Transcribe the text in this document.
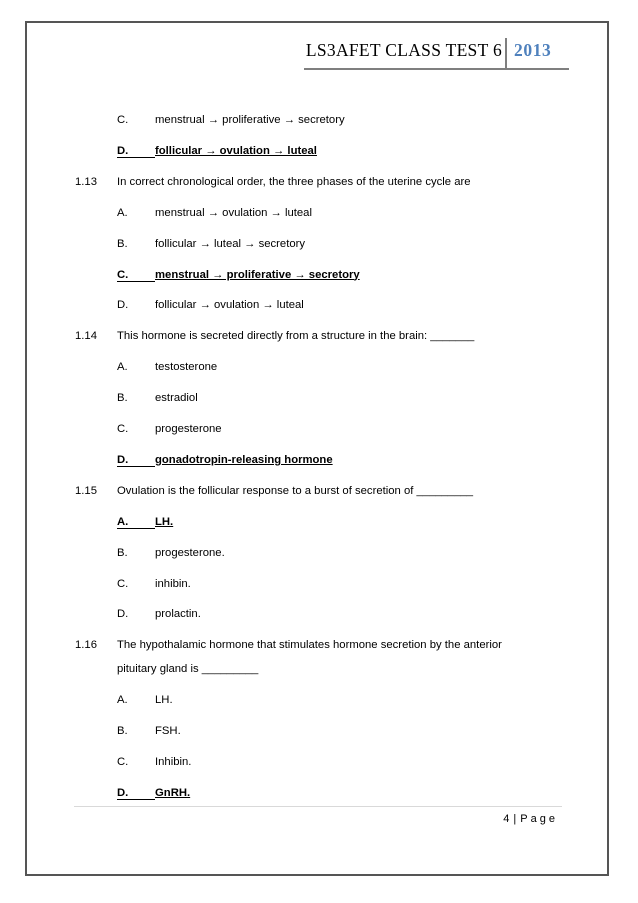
LS3AFET CLASS TEST 6 2013
C. menstrual → proliferative → secretory
D. follicular → ovulation → luteal
1.13 In correct chronological order, the three phases of the uterine cycle are
A. menstrual → ovulation → luteal
B. follicular → luteal → secretory
C. menstrual → proliferative → secretory
D. follicular → ovulation → luteal
1.14 This hormone is secreted directly from a structure in the brain: _______
A. testosterone
B. estradiol
C. progesterone
D. gonadotropin-releasing hormone
1.15 Ovulation is the follicular response to a burst of secretion of _________
A. LH.
B. progesterone.
C. inhibin.
D. prolactin.
1.16 The hypothalamic hormone that stimulates hormone secretion by the anterior
pituitary gland is _________
A. LH.
B. FSH.
C. Inhibin.
D. GnRH.
4 | Page
